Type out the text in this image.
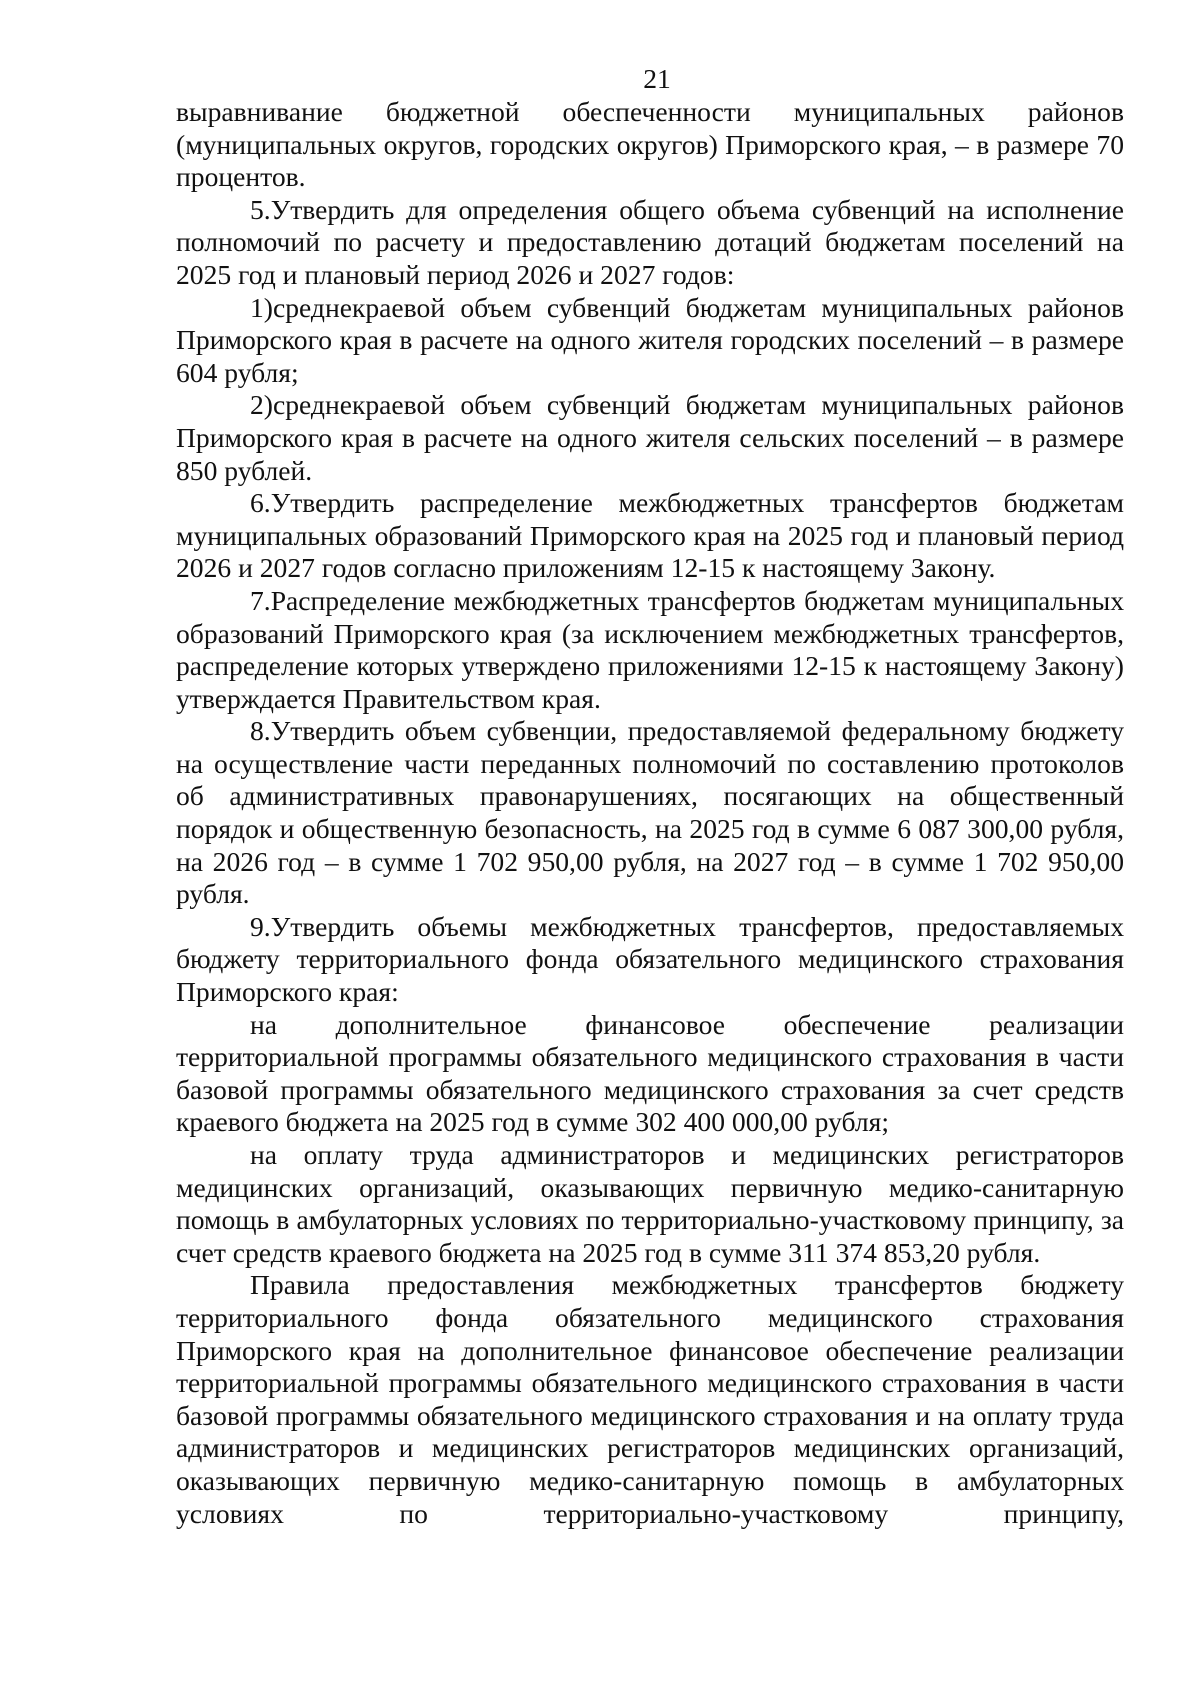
21

выравнивание бюджетной обеспеченности муниципальных районов (муниципальных округов, городских округов) Приморского края, – в размере 70 процентов.

5.Утвердить для определения общего объема субвенций на исполнение полномочий по расчету и предоставлению дотаций бюджетам поселений на 2025 год и плановый период 2026 и 2027 годов:

1)среднекраевой объем субвенций бюджетам муниципальных районов Приморского края в расчете на одного жителя городских поселений – в размере 604 рубля;

2)среднекраевой объем субвенций бюджетам муниципальных районов Приморского края в расчете на одного жителя сельских поселений – в размере 850 рублей.

6.Утвердить распределение межбюджетных трансфертов бюджетам муниципальных образований Приморского края на 2025 год и плановый период 2026 и 2027 годов согласно приложениям 12-15 к настоящему Закону.

7.Распределение межбюджетных трансфертов бюджетам муниципальных образований Приморского края (за исключением межбюджетных трансфертов, распределение которых утверждено приложениями 12-15 к настоящему Закону) утверждается Правительством края.

8.Утвердить объем субвенции, предоставляемой федеральному бюджету на осуществление части переданных полномочий по составлению протоколов об административных правонарушениях, посягающих на общественный порядок и общественную безопасность, на 2025 год в сумме 6 087 300,00 рубля, на 2026 год – в сумме 1 702 950,00 рубля, на 2027 год – в сумме 1 702 950,00 рубля.

9.Утвердить объемы межбюджетных трансфертов, предоставляемых бюджету территориального фонда обязательного медицинского страхования Приморского края:

на дополнительное финансовое обеспечение реализации территориальной программы обязательного медицинского страхования в части базовой программы обязательного медицинского страхования за счет средств краевого бюджета на 2025 год в сумме 302 400 000,00 рубля;

на оплату труда администраторов и медицинских регистраторов медицинских организаций, оказывающих первичную медико-санитарную помощь в амбулаторных условиях по территориально-участковому принципу, за счет средств краевого бюджета на 2025 год в сумме 311 374 853,20 рубля.

Правила предоставления межбюджетных трансфертов бюджету территориального фонда обязательного медицинского страхования Приморского края на дополнительное финансовое обеспечение реализации территориальной программы обязательного медицинского страхования в части базовой программы обязательного медицинского страхования и на оплату труда администраторов и медицинских регистраторов медицинских организаций, оказывающих первичную медико-санитарную помощь в амбулаторных условиях по территориально-участковому принципу,
